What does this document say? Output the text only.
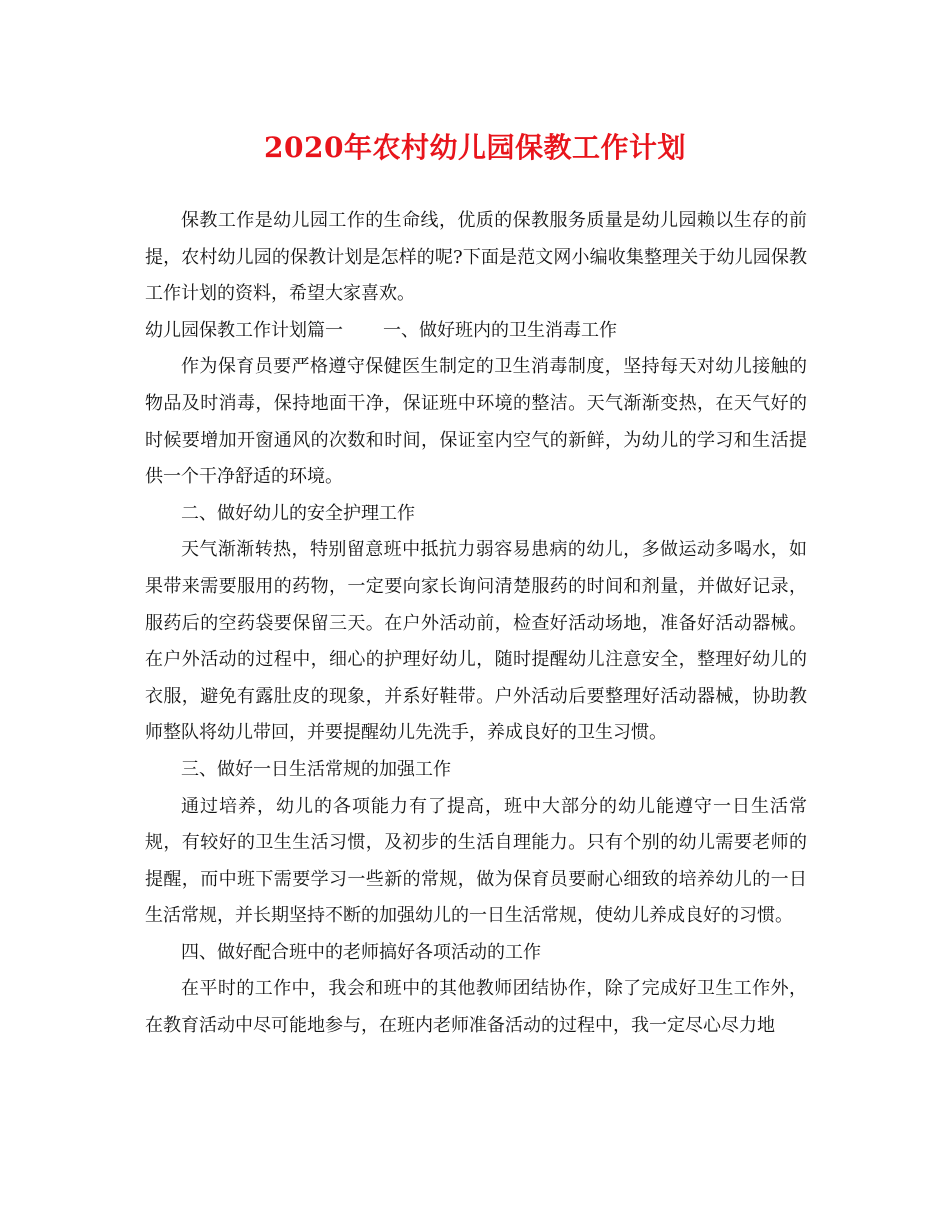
2020年农村幼儿园保教工作计划

保教工作是幼儿园工作的生命线，优质的保教服务质量是幼儿园赖以生存的前提，农村幼儿园的保教计划是怎样的呢?下面是范文网小编收集整理关于幼儿园保教工作计划的资料，希望大家喜欢。

幼儿园保教工作计划篇一 一、做好班内的卫生消毒工作

作为保育员要严格遵守保健医生制定的卫生消毒制度，坚持每天对幼儿接触的物品及时消毒，保持地面干净，保证班中环境的整洁。天气渐渐变热，在天气好的时候要增加开窗通风的次数和时间，保证室内空气的新鲜，为幼儿的学习和生活提供一个干净舒适的环境。

二、做好幼儿的安全护理工作

天气渐渐转热，特别留意班中抵抗力弱容易患病的幼儿，多做运动多喝水，如果带来需要服用的药物，一定要向家长询问清楚服药的时间和剂量，并做好记录，服药后的空药袋要保留三天。在户外活动前，检查好活动场地，准备好活动器械。在户外活动的过程中，细心的护理好幼儿，随时提醒幼儿注意安全，整理好幼儿的衣服，避免有露肚皮的现象，并系好鞋带。户外活动后要整理好活动器械，协助教师整队将幼儿带回，并要提醒幼儿先洗手，养成良好的卫生习惯。

三、做好一日生活常规的加强工作

通过培养，幼儿的各项能力有了提高，班中大部分的幼儿能遵守一日生活常规，有较好的卫生生活习惯，及初步的生活自理能力。只有个别的幼儿需要老师的提醒，而中班下需要学习一些新的常规，做为保育员要耐心细致的培养幼儿的一日生活常规，并长期坚持不断的加强幼儿的一日生活常规，使幼儿养成良好的习惯。

四、做好配合班中的老师搞好各项活动的工作

在平时的工作中，我会和班中的其他教师团结协作，除了完成好卫生工作外，在教育活动中尽可能地参与，在班内老师准备活动的过程中，我一定尽心尽力地
